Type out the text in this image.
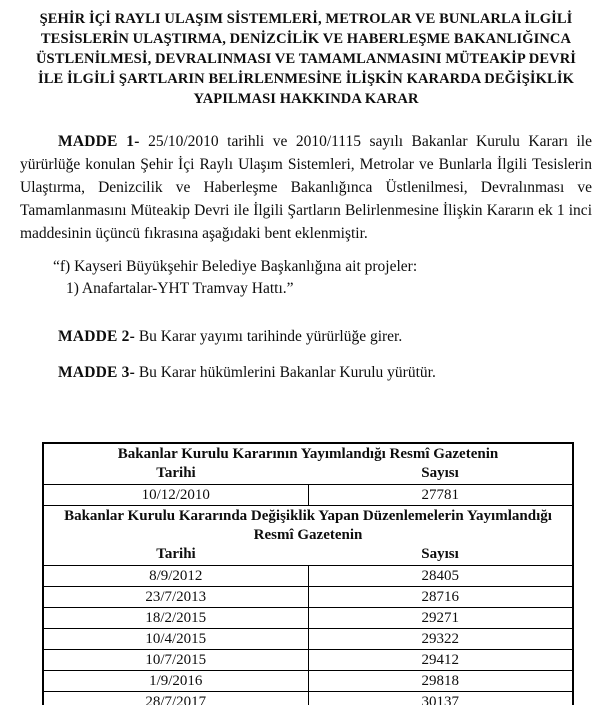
ŞEHİR İÇİ RAYLI ULAŞIM SİSTEMLERİ, METROLAR VE BUNLARLA İLGİLİ
TESİSLERİN ULAŞTIRMA, DENİZCİLİK VE HABERLEŞME BAKANLIĞINCA
ÜSTLENİLMESİ, DEVRALINMASI VE TAMAMLANMASINI MÜTEAKİP DEVRİ
İLE İLGİLİ ŞARTLARIN BELİRLENMESİNE İLİŞKİN KARARDA DEĞİŞİKLİK
YAPILMASI HAKKINDA KARAR

MADDE 1- 25/10/2010 tarihli ve 2010/1115 sayılı Bakanlar Kurulu Kararı ile yürürlüğe konulan Şehir İçi Raylı Ulaşım Sistemleri, Metrolar ve Bunlarla İlgili Tesislerin Ulaştırma, Denizcilik ve Haberleşme Bakanlığınca Üstlenilmesi, Devralınması ve Tamamlanmasını Müteakip Devri ile İlgili Şartların Belirlenmesine İlişkin Kararın ek 1 inci maddesinin üçüncü fıkrasına aşağıdaki bent eklenmiştir.

“f) Kayseri Büyükşehir Belediye Başkanlığına ait projeler:
1) Anafartalar-YHT Tramvay Hattı.”

MADDE 2- Bu Karar yayımı tarihinde yürürlüğe girer.

MADDE 3- Bu Karar hükümlerini Bakanlar Kurulu yürütür.

Bakanlar Kurulu Kararının Yayımlandığı Resmî Gazetenin
Tarihi	Sayısı
10/12/2010	27781
Bakanlar Kurulu Kararında Değişiklik Yapan Düzenlemelerin Yayımlandığı Resmî Gazetenin
Tarihi	Sayısı
8/9/2012	28405
23/7/2013	28716
18/2/2015	29271
10/4/2015	29322
10/7/2015	29412
1/9/2016	29818
28/7/2017	30137
